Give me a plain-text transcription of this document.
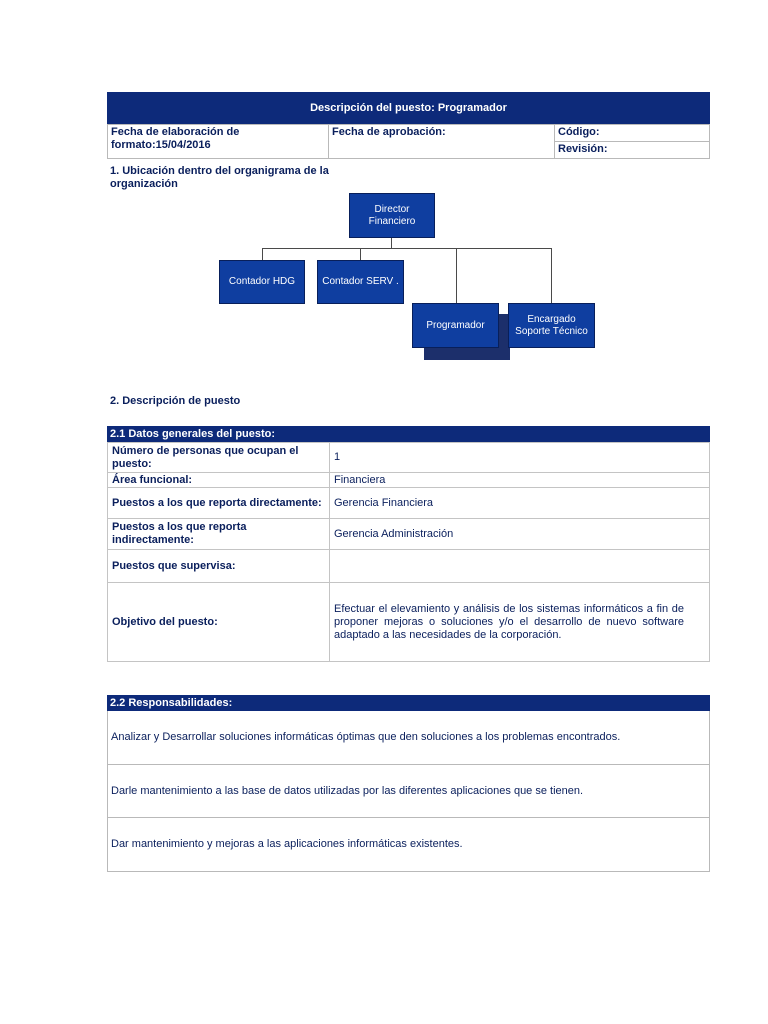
Descripción del puesto: Programador
Fecha de elaboración de formato:15/04/2016
Fecha de aprobación:	Código:
Revisión:
1. Ubicación dentro del organigrama de la organización
Director Financiero
Contador HDG	Contador SERV .
Programador
Encargado Soporte Técnico
2. Descripción de puesto
2.1 Datos generales del puesto:
Número de personas que ocupan el puesto:	1
Área funcional:	Financiera
Puestos a los que reporta directamente:	Gerencia Financiera
Puestos a los que reporta indirectamente:	Gerencia Administración
Puestos que supervisa:	
Objetivo del puesto:	Efectuar el elevamiento y análisis de los sistemas informáticos a fin de proponer mejoras o soluciones y/o el desarrollo de nuevo software adaptado a las necesidades de la corporación.
2.2 Responsabilidades:
Analizar y Desarrollar soluciones informáticas óptimas que den soluciones a los problemas encontrados.
Darle mantenimiento a las base de datos utilizadas por las diferentes aplicaciones que se tienen.
Dar mantenimiento y mejoras a las aplicaciones informáticas existentes.
